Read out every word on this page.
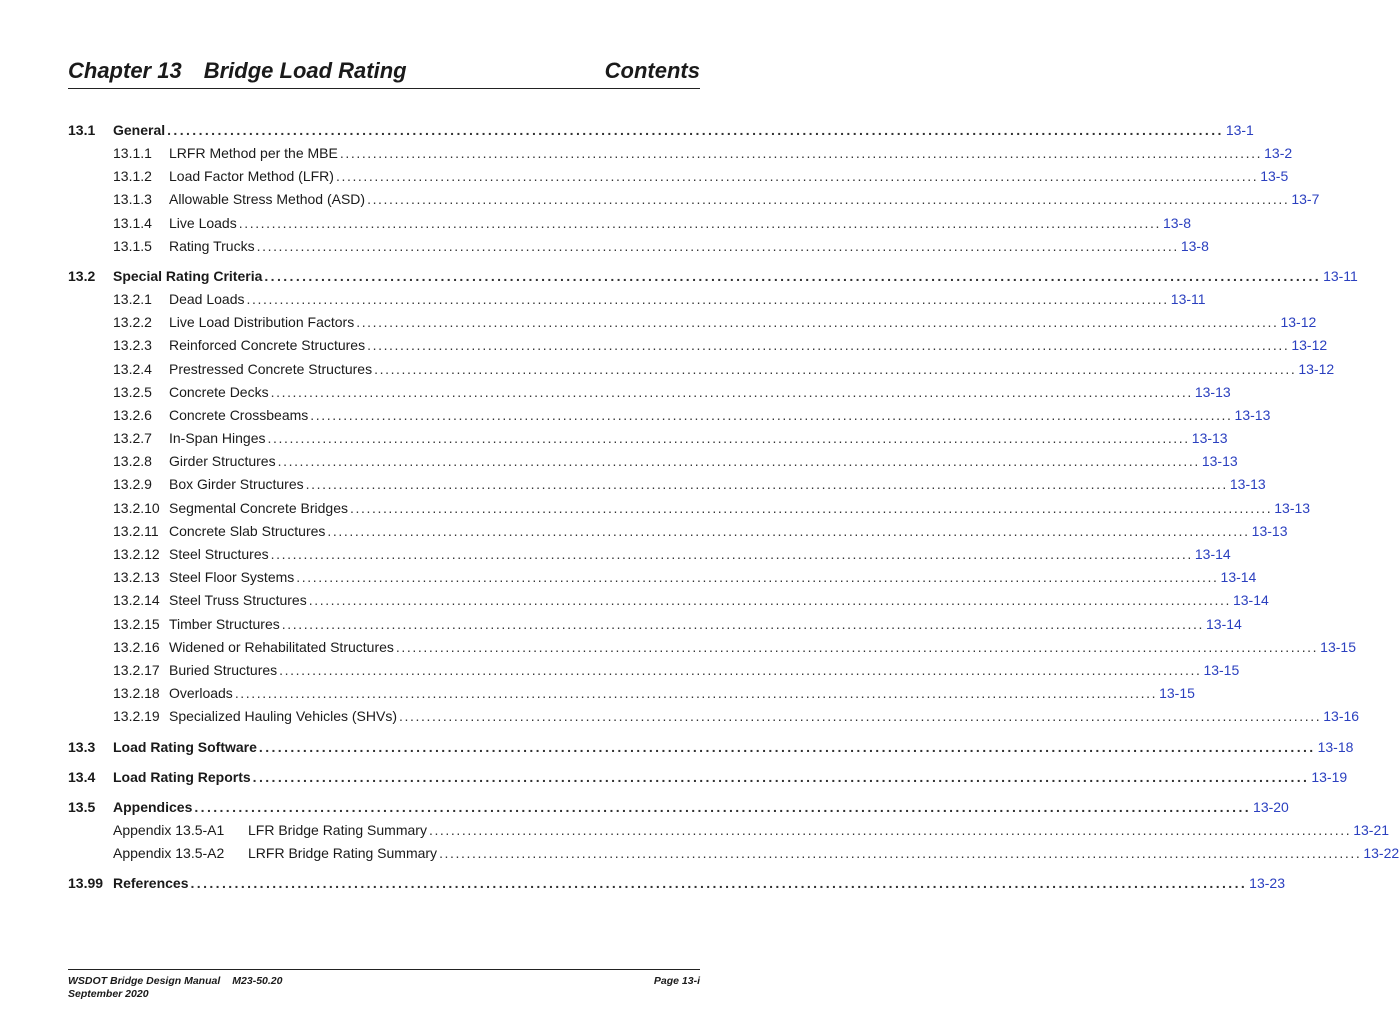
Chapter 13 Bridge Load Rating	Contents
13.1	General ........................................................................................................................................................................ 13-1
13.1.1	LRFR Method per the MBE ........................................................................................................................................................................ 13-2
13.1.2	Load Factor Method (LFR) ........................................................................................................................................................................ 13-5
13.1.3	Allowable Stress Method (ASD) ........................................................................................................................................................................ 13-7
13.1.4	Live Loads ........................................................................................................................................................................ 13-8
13.1.5	Rating Trucks ........................................................................................................................................................................ 13-8
13.2	Special Rating Criteria ........................................................................................................................................................................ 13-11
13.2.1	Dead Loads ........................................................................................................................................................................ 13-11
13.2.2	Live Load Distribution Factors ........................................................................................................................................................................ 13-12
13.2.3	Reinforced Concrete Structures ........................................................................................................................................................................ 13-12
13.2.4	Prestressed Concrete Structures ........................................................................................................................................................................ 13-12
13.2.5	Concrete Decks ........................................................................................................................................................................ 13-13
13.2.6	Concrete Crossbeams ........................................................................................................................................................................ 13-13
13.2.7	In-Span Hinges ........................................................................................................................................................................ 13-13
13.2.8	Girder Structures ........................................................................................................................................................................ 13-13
13.2.9	Box Girder Structures ........................................................................................................................................................................ 13-13
13.2.10 Segmental Concrete Bridges ........................................................................................................................................................................ 13-13
13.2.11 Concrete Slab Structures ........................................................................................................................................................................ 13-13
13.2.12 Steel Structures ........................................................................................................................................................................ 13-14
13.2.13 Steel Floor Systems ........................................................................................................................................................................ 13-14
13.2.14 Steel Truss Structures ........................................................................................................................................................................ 13-14
13.2.15 Timber Structures ........................................................................................................................................................................ 13-14
13.2.16 Widened or Rehabilitated Structures ........................................................................................................................................................................ 13-15
13.2.17 Buried Structures ........................................................................................................................................................................ 13-15
13.2.18 Overloads ........................................................................................................................................................................ 13-15
13.2.19 Specialized Hauling Vehicles (SHVs) ........................................................................................................................................................................ 13-16
13.3	Load Rating Software ........................................................................................................................................................................ 13-18
13.4	Load Rating Reports ........................................................................................................................................................................ 13-19
13.5	Appendices ........................................................................................................................................................................ 13-20
Appendix 13.5-A1	LFR Bridge Rating Summary ........................................................................................................................................................................ 13-21
Appendix 13.5-A2	LRFR Bridge Rating Summary ........................................................................................................................................................................ 13-22
13.99 References ........................................................................................................................................................................ 13-23
WSDOT Bridge Design Manual M23-50.20	Page 13-i
September 2020
